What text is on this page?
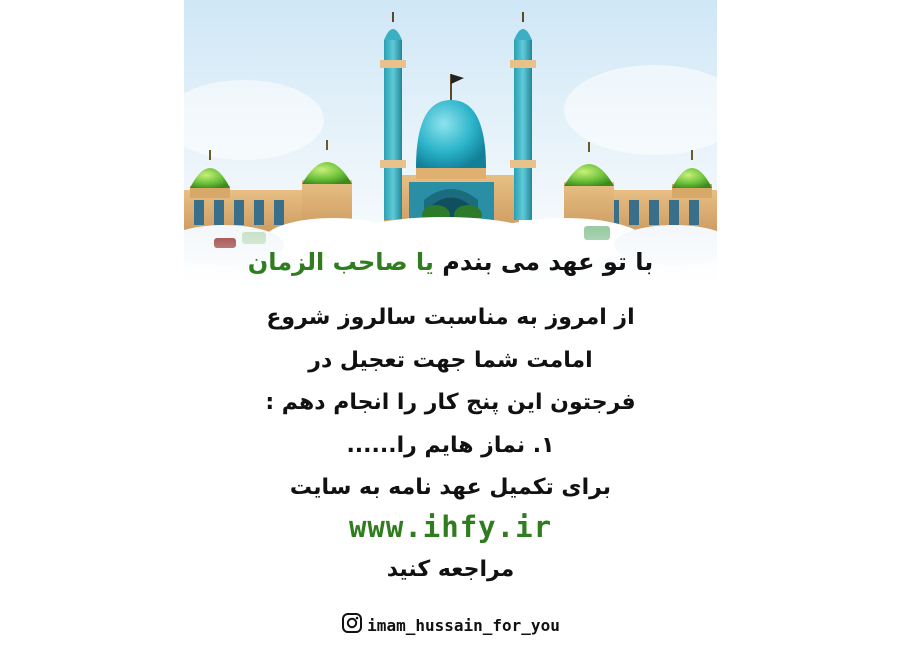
با تو عهد می بندم یا صاحب الزمان
از امروز به مناسبت سالروز شروع
امامت شما جهت تعجیل در
فرجتون این پنج کار را انجام دهم :
۱. نماز هایم را......
برای تکمیل عهد نامه به سایت
www.ihfy.ir
مراجعه کنید
imam_hussain_for_you
